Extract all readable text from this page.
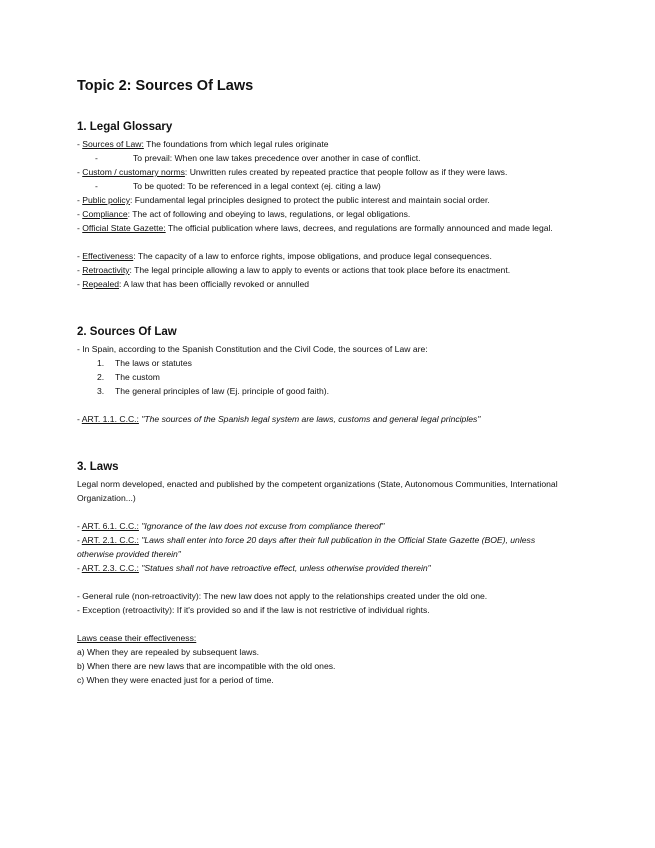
Topic 2: Sources Of Laws
1. Legal Glossary
- Sources of Law: The foundations from which legal rules originate
-	To prevail: When one law takes precedence over another in case of conflict.
- Custom / customary norms: Unwritten rules created by repeated practice that people follow as if they were laws.
-	To be quoted: To be referenced in a legal context (ej. citing a law)
- Public policy: Fundamental legal principles designed to protect the public interest and maintain social order.
- Compliance: The act of following and obeying to laws, regulations, or legal obligations.
- Official State Gazette: The official publication where laws, decrees, and regulations are formally announced and made legal.
- Effectiveness: The capacity of a law to enforce rights, impose obligations, and produce legal consequences.
- Retroactivity: The legal principle allowing a law to apply to events or actions that took place before its enactment.
- Repealed: A law that has been officially revoked or annulled
2. Sources Of Law
- In Spain, according to the Spanish Constitution and the Civil Code, the sources of Law are:
1. The laws or statutes
2. The custom
3. The general principles of law (Ej. principle of good faith).
- ART. 1.1. C.C.: "The sources of the Spanish legal system are laws, customs and general legal principles"
3. Laws
Legal norm developed, enacted and published by the competent organizations (State, Autonomous Communities, International Organization...)
- ART. 6.1. C.C.: "Ignorance of the law does not excuse from compliance thereof"
- ART. 2.1. C.C.: "Laws shall enter into force 20 days after their full publication in the Official State Gazette (BOE), unless otherwise provided therein"
- ART. 2.3. C.C.: "Statues shall not have retroactive effect, unless otherwise provided therein"
- General rule (non-retroactivity): The new law does not apply to the relationships created under the old one.
- Exception (retroactivity): If it's provided so and if the law is not restrictive of individual rights.
Laws cease their effectiveness:
a) When they are repealed by subsequent laws.
b) When there are new laws that are incompatible with the old ones.
c) When they were enacted just for a period of time.
